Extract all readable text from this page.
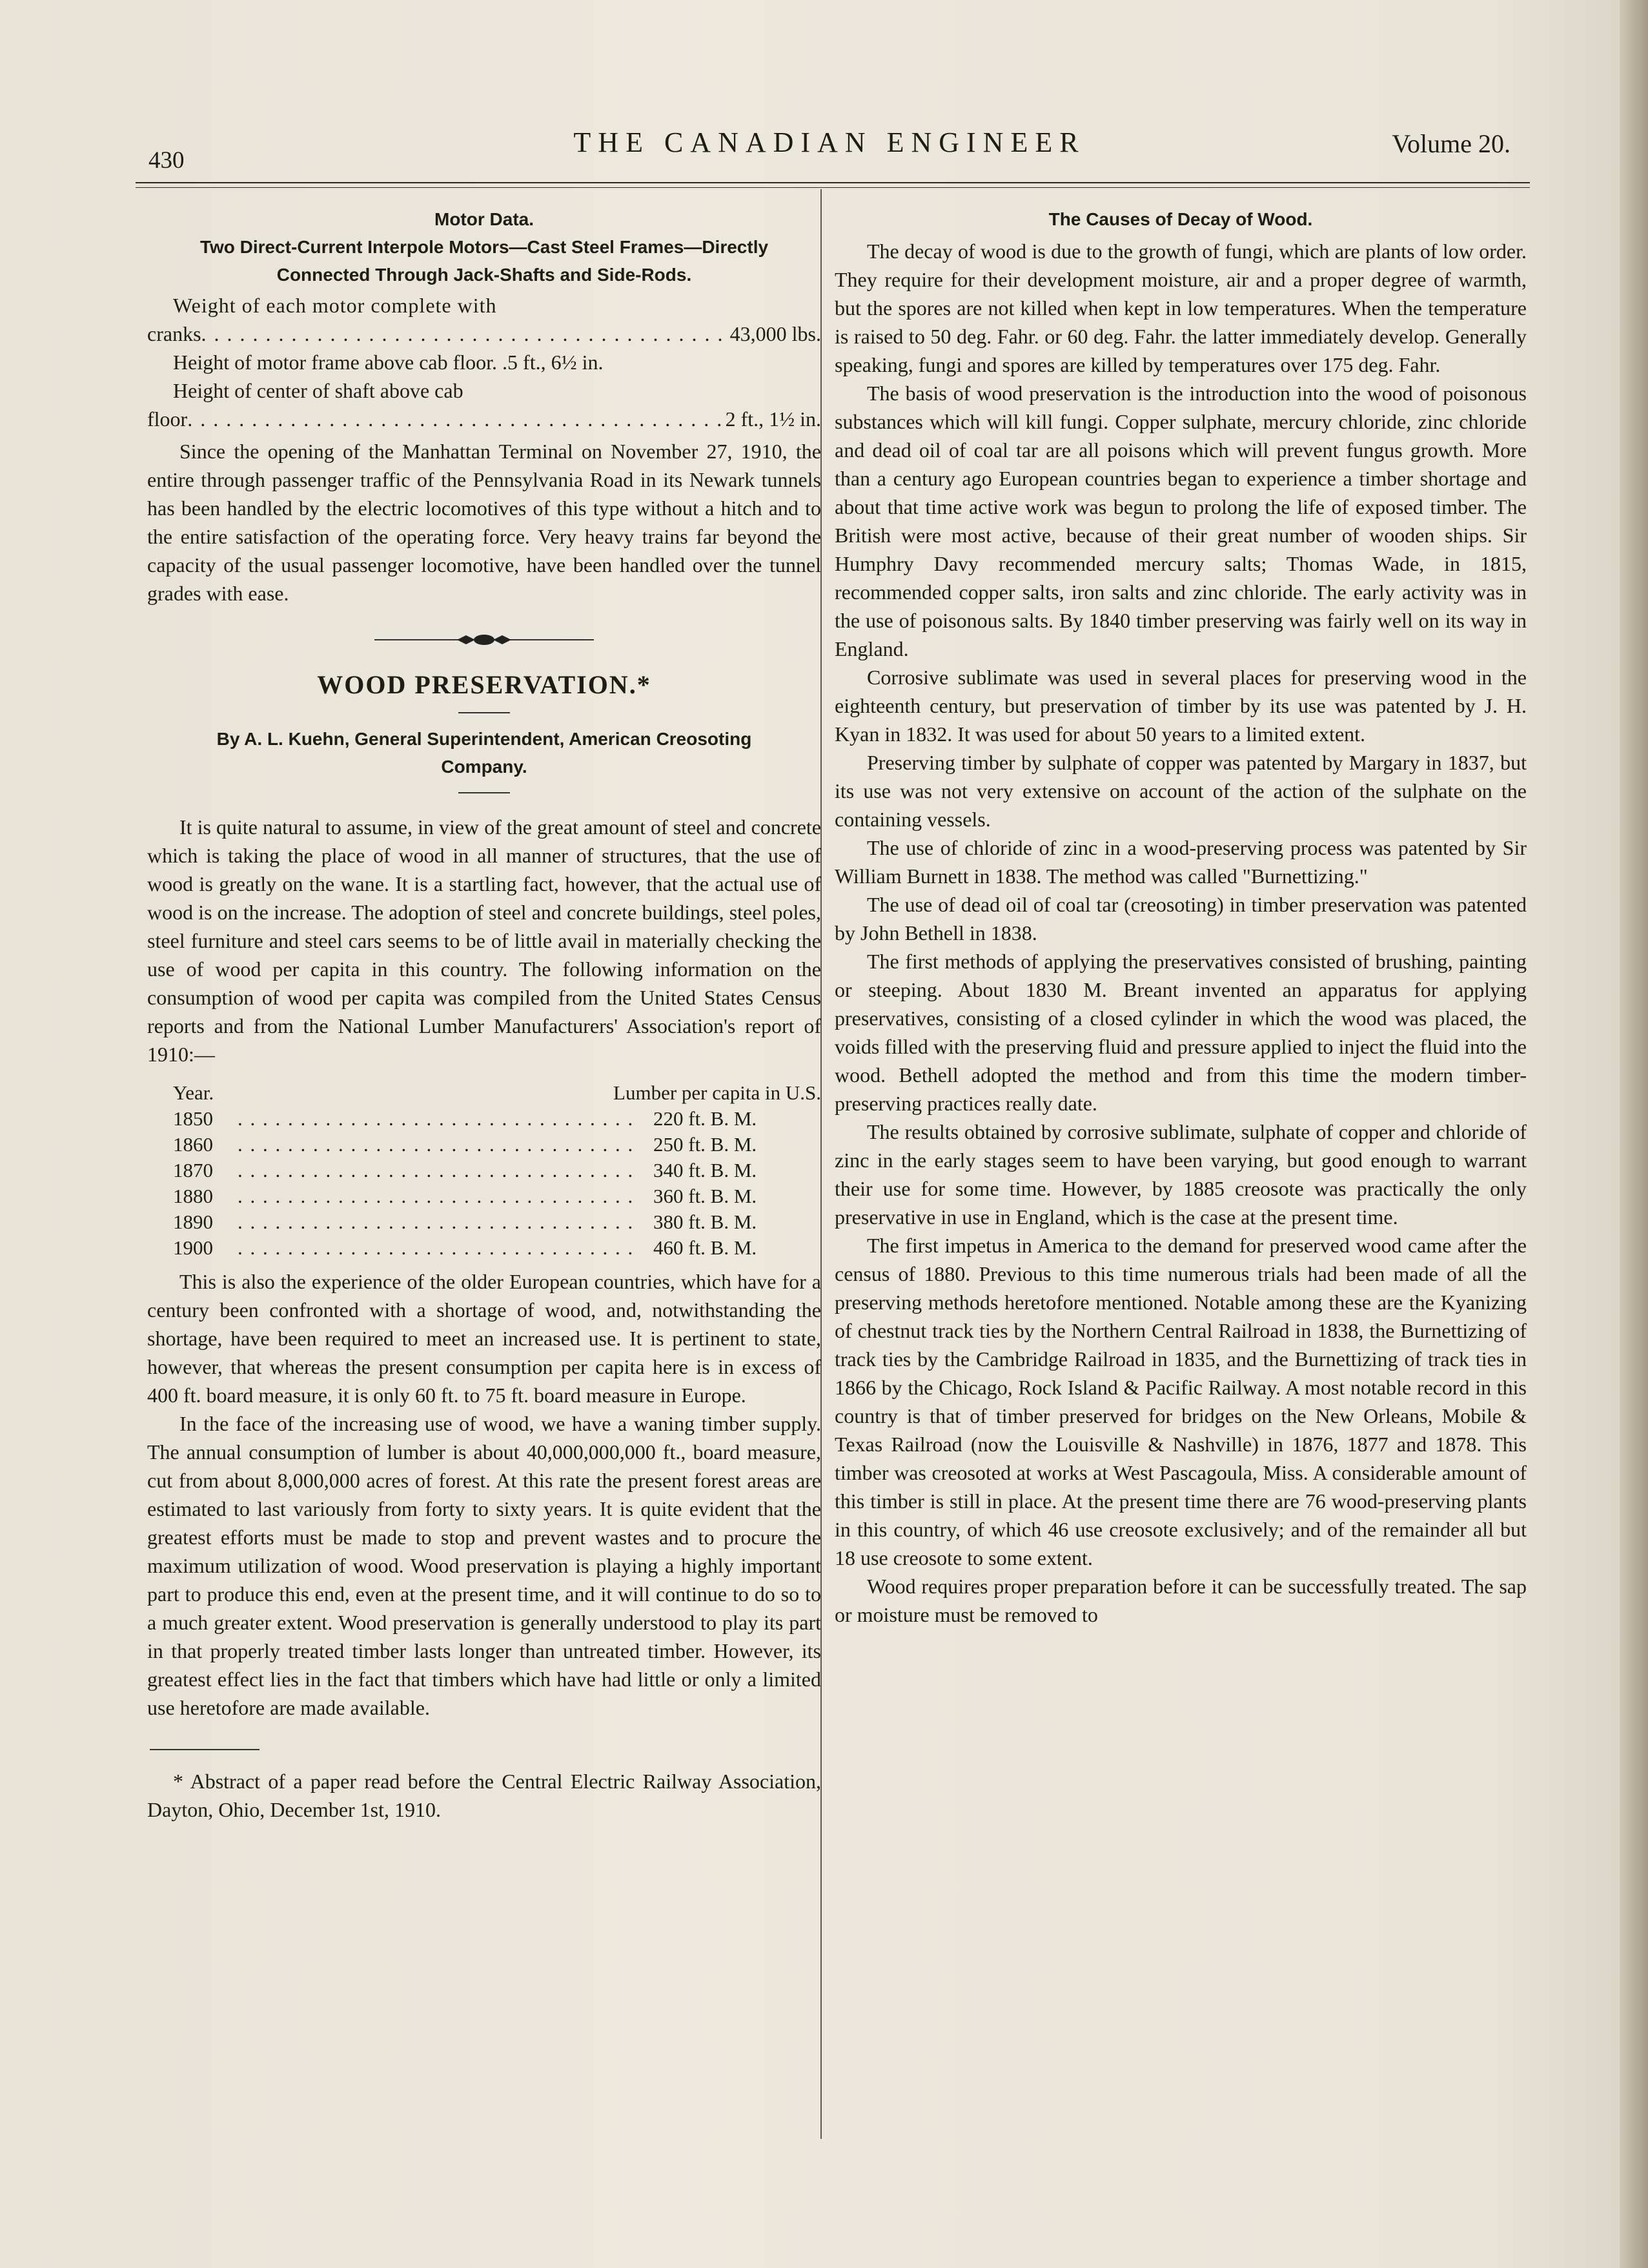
430
THE CANADIAN ENGINEER	Volume 20.
Motor Data.
Two Direct-Current Interpole Motors—Cast Steel Frames—Directly Connected Through Jack-Shafts and Side-Rods.
Weight of each motor complete with
cranks . . .	43,000 lbs.
Height of motor frame above cab floor. . 5 ft., 6½ in.
Height of center of shaft above cab
floor . . .	2 ft., 1½ in.

Since the opening of the Manhattan Terminal on November 27, 1910, the entire through passenger traffic of the Pennsylvania Road in its Newark tunnels has been handled by the electric locomotives of this type without a hitch and to the entire satisfaction of the operating force. Very heavy trains far beyond the capacity of the usual passenger locomotive, have been handled over the tunnel grades with ease.

WOOD PRESERVATION.*
By A. L. Kuehn, General Superintendent, American Creosoting Company.

It is quite natural to assume, in view of the great amount of steel and concrete which is taking the place of wood in all manner of structures, that the use of wood is greatly on the wane. It is a startling fact, however, that the actual use of wood is on the increase. The adoption of steel and concrete buildings, steel poles, steel furniture and steel cars seems to be of little avail in materially checking the use of wood per capita in this country. The following information on the consumption of wood per capita was compiled from the United States Census reports and from the National Lumber Manufacturers' Association's report of 1910:—

Year.	Lumber per capita in U.S.
1850 . . .	220 ft. B. M.
1860 . . .	250 ft. B. M.
1870 . . .	340 ft. B. M.
1880 . . .	360 ft. B. M.
1890 . . .	380 ft. B. M.
1900 . . .	460 ft. B. M.

This is also the experience of the older European countries, which have for a century been confronted with a shortage of wood, and, notwithstanding the shortage, have been required to meet an increased use. It is pertinent to state, however, that whereas the present consumption per capita here is in excess of 400 ft. board measure, it is only 60 ft. to 75 ft. board measure in Europe.

In the face of the increasing use of wood, we have a waning timber supply. The annual consumption of lumber is about 40,000,000,000 ft., board measure, cut from about 8,000,000 acres of forest. At this rate the present forest areas are estimated to last variously from forty to sixty years. It is quite evident that the greatest efforts must be made to stop and prevent wastes and to procure the maximum utilization of wood. Wood preservation is playing a highly important part to produce this end, even at the present time, and it will continue to do so to a much greater extent. Wood preservation is generally understood to play its part in that properly treated timber lasts longer than untreated timber. However, its greatest effect lies in the fact that timbers which have had little or only a limited use heretofore are made available.

* Abstract of a paper read before the Central Electric Railway Association, Dayton, Ohio, December 1st, 1910.

The Causes of Decay of Wood.

The decay of wood is due to the growth of fungi, which are plants of low order. They require for their development moisture, air and a proper degree of warmth, but the spores are not killed when kept in low temperatures. When the temperature is raised to 50 deg. Fahr. or 60 deg. Fahr. the latter immediately develop. Generally speaking, fungi and spores are killed by temperatures over 175 deg. Fahr.

The basis of wood preservation is the introduction into the wood of poisonous substances which will kill fungi. Copper sulphate, mercury chloride, zinc chloride and dead oil of coal tar are all poisons which will prevent fungus growth. More than a century ago European countries began to experience a timber shortage and about that time active work was begun to prolong the life of exposed timber. The British were most active, because of their great number of wooden ships. Sir Humphry Davy recommended mercury salts; Thomas Wade, in 1815, recommended copper salts, iron salts and zinc chloride. The early activity was in the use of poisonous salts. By 1840 timber preserving was fairly well on its way in England.

Corrosive sublimate was used in several places for preserving wood in the eighteenth century, but preservation of timber by its use was patented by J. H. Kyan in 1832. It was used for about 50 years to a limited extent.

Preserving timber by sulphate of copper was patented by Margary in 1837, but its use was not very extensive on account of the action of the sulphate on the containing vessels.

The use of chloride of zinc in a wood-preserving process was patented by Sir William Burnett in 1838. The method was called "Burnettizing."

The use of dead oil of coal tar (creosoting) in timber preservation was patented by John Bethell in 1838.

The first methods of applying the preservatives consisted of brushing, painting or steeping. About 1830 M. Breant invented an apparatus for applying preservatives, consisting of a closed cylinder in which the wood was placed, the voids filled with the preserving fluid and pressure applied to inject the fluid into the wood. Bethell adopted the method and from this time the modern timber-preserving practices really date.

The results obtained by corrosive sublimate, sulphate of copper and chloride of zinc in the early stages seem to have been varying, but good enough to warrant their use for some time. However, by 1885 creosote was practically the only preservative in use in England, which is the case at the present time.

The first impetus in America to the demand for preserved wood came after the census of 1880. Previous to this time numerous trials had been made of all the preserving methods heretofore mentioned. Notable among these are the Kyanizing of chestnut track ties by the Northern Central Railroad in 1838, the Burnettizing of track ties by the Cambridge Railroad in 1835, and the Burnettizing of track ties in 1866 by the Chicago, Rock Island & Pacific Railway. A most notable record in this country is that of timber preserved for bridges on the New Orleans, Mobile & Texas Railroad (now the Louisville & Nashville) in 1876, 1877 and 1878. This timber was creosoted at works at West Pascagoula, Miss. A considerable amount of this timber is still in place. At the present time there are 76 wood-preserving plants in this country, of which 46 use creosote exclusively; and of the remainder all but 18 use creosote to some extent.

Wood requires proper preparation before it can be successfully treated. The sap or moisture must be removed to
